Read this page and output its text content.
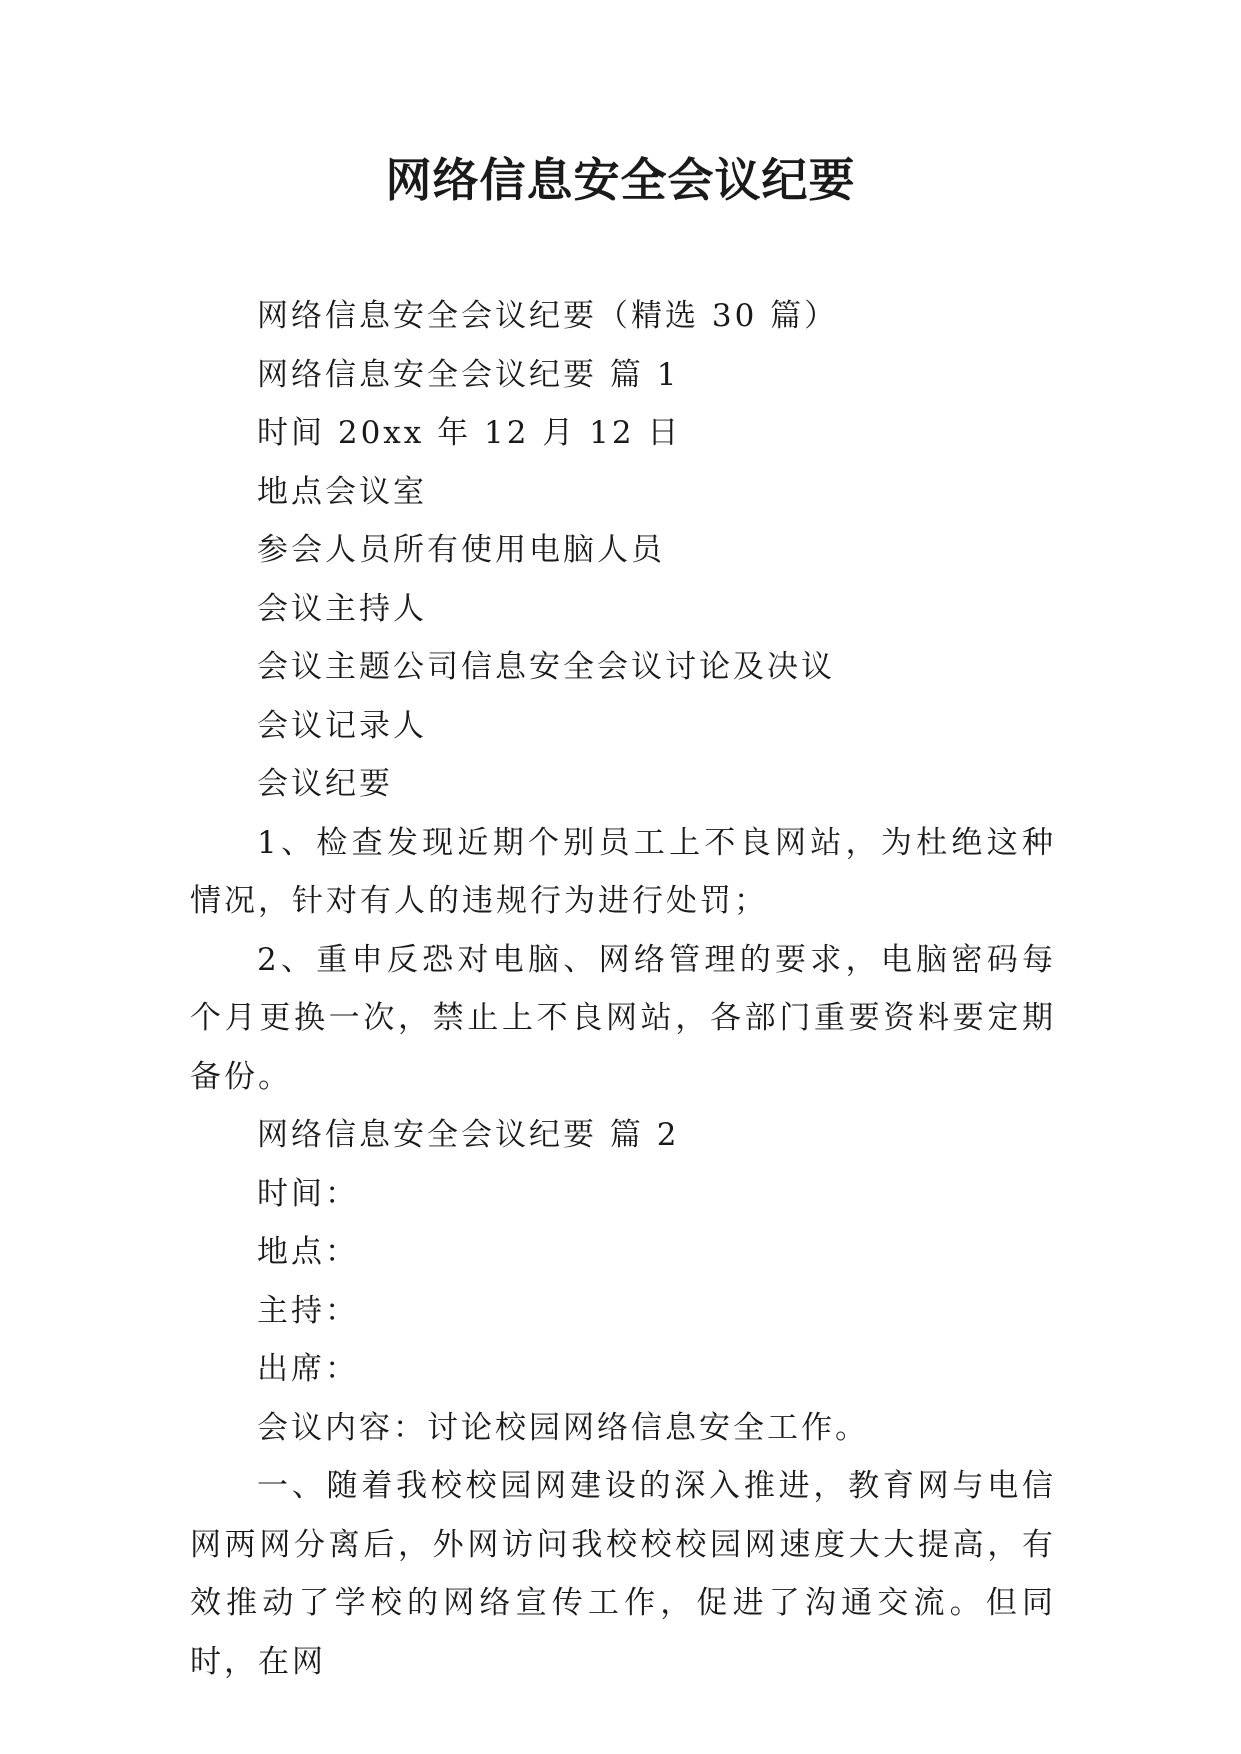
网络信息安全会议纪要

网络信息安全会议纪要（精选 30 篇）

网络信息安全会议纪要 篇 1

时间 20xx 年 12 月 12 日

地点会议室

参会人员所有使用电脑人员

会议主持人

会议主题公司信息安全会议讨论及决议

会议记录人

会议纪要

1、检查发现近期个别员工上不良网站，为杜绝这种情况，针对有人的违规行为进行处罚；

2、重申反恐对电脑、网络管理的要求，电脑密码每个月更换一次，禁止上不良网站，各部门重要资料要定期备份。

网络信息安全会议纪要 篇 2

时间：

地点：

主持：

出席：

会议内容：讨论校园网络信息安全工作。

一、随着我校校园网建设的深入推进，教育网与电信网两网分离后，外网访问我校校校园网速度大大提高，有效推动了学校的网络宣传工作，促进了沟通交流。但同时，在网
